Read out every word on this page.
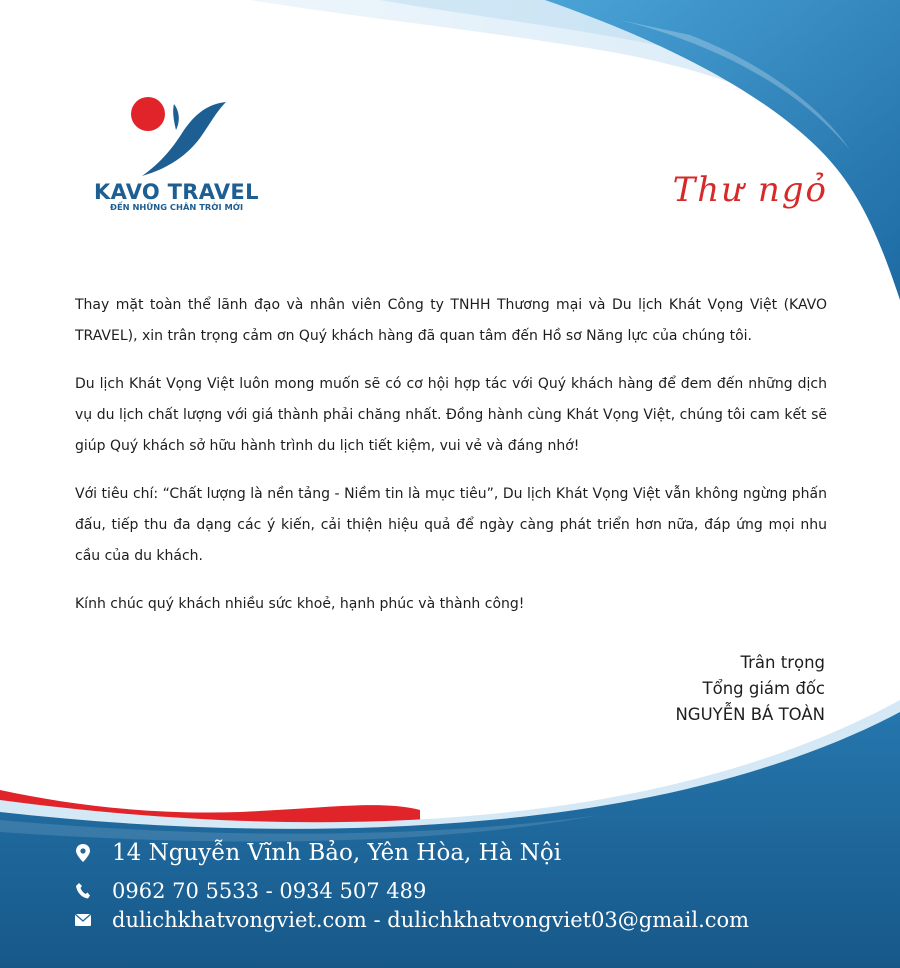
KAVO TRAVEL
ĐẾN NHỮNG CHÂN TRỜI MỚI	Thư ngỏ

Thay mặt toàn thể lãnh đạo và nhân viên Công ty TNHH Thương mại và Du lịch Khát Vọng Việt (KAVO TRAVEL), xin trân trọng cảm ơn Quý khách hàng đã quan tâm đến Hồ sơ Năng lực của chúng tôi.

Du lịch Khát Vọng Việt luôn mong muốn sẽ có cơ hội hợp tác với Quý khách hàng để đem đến những dịch vụ du lịch chất lượng với giá thành phải chăng nhất. Đồng hành cùng Khát Vọng Việt, chúng tôi cam kết sẽ giúp Quý khách sở hữu hành trình du lịch tiết kiệm, vui vẻ và đáng nhớ!

Với tiêu chí: “Chất lượng là nền tảng - Niềm tin là mục tiêu”, Du lịch Khát Vọng Việt vẫn không ngừng phấn đấu, tiếp thu đa dạng các ý kiến, cải thiện hiệu quả để ngày càng phát triển hơn nữa, đáp ứng mọi nhu cầu của du khách.

Kính chúc quý khách nhiều sức khoẻ, hạnh phúc và thành công!

Trân trọng
Tổng giám đốc
NGUYỄN BÁ TOÀN
14 Nguyễn Vĩnh Bảo, Yên Hòa, Hà Nội
0962 70 5533 - 0934 507 489
dulichkhatvongviet.com - dulichkhatvongviet03@gmail.com
